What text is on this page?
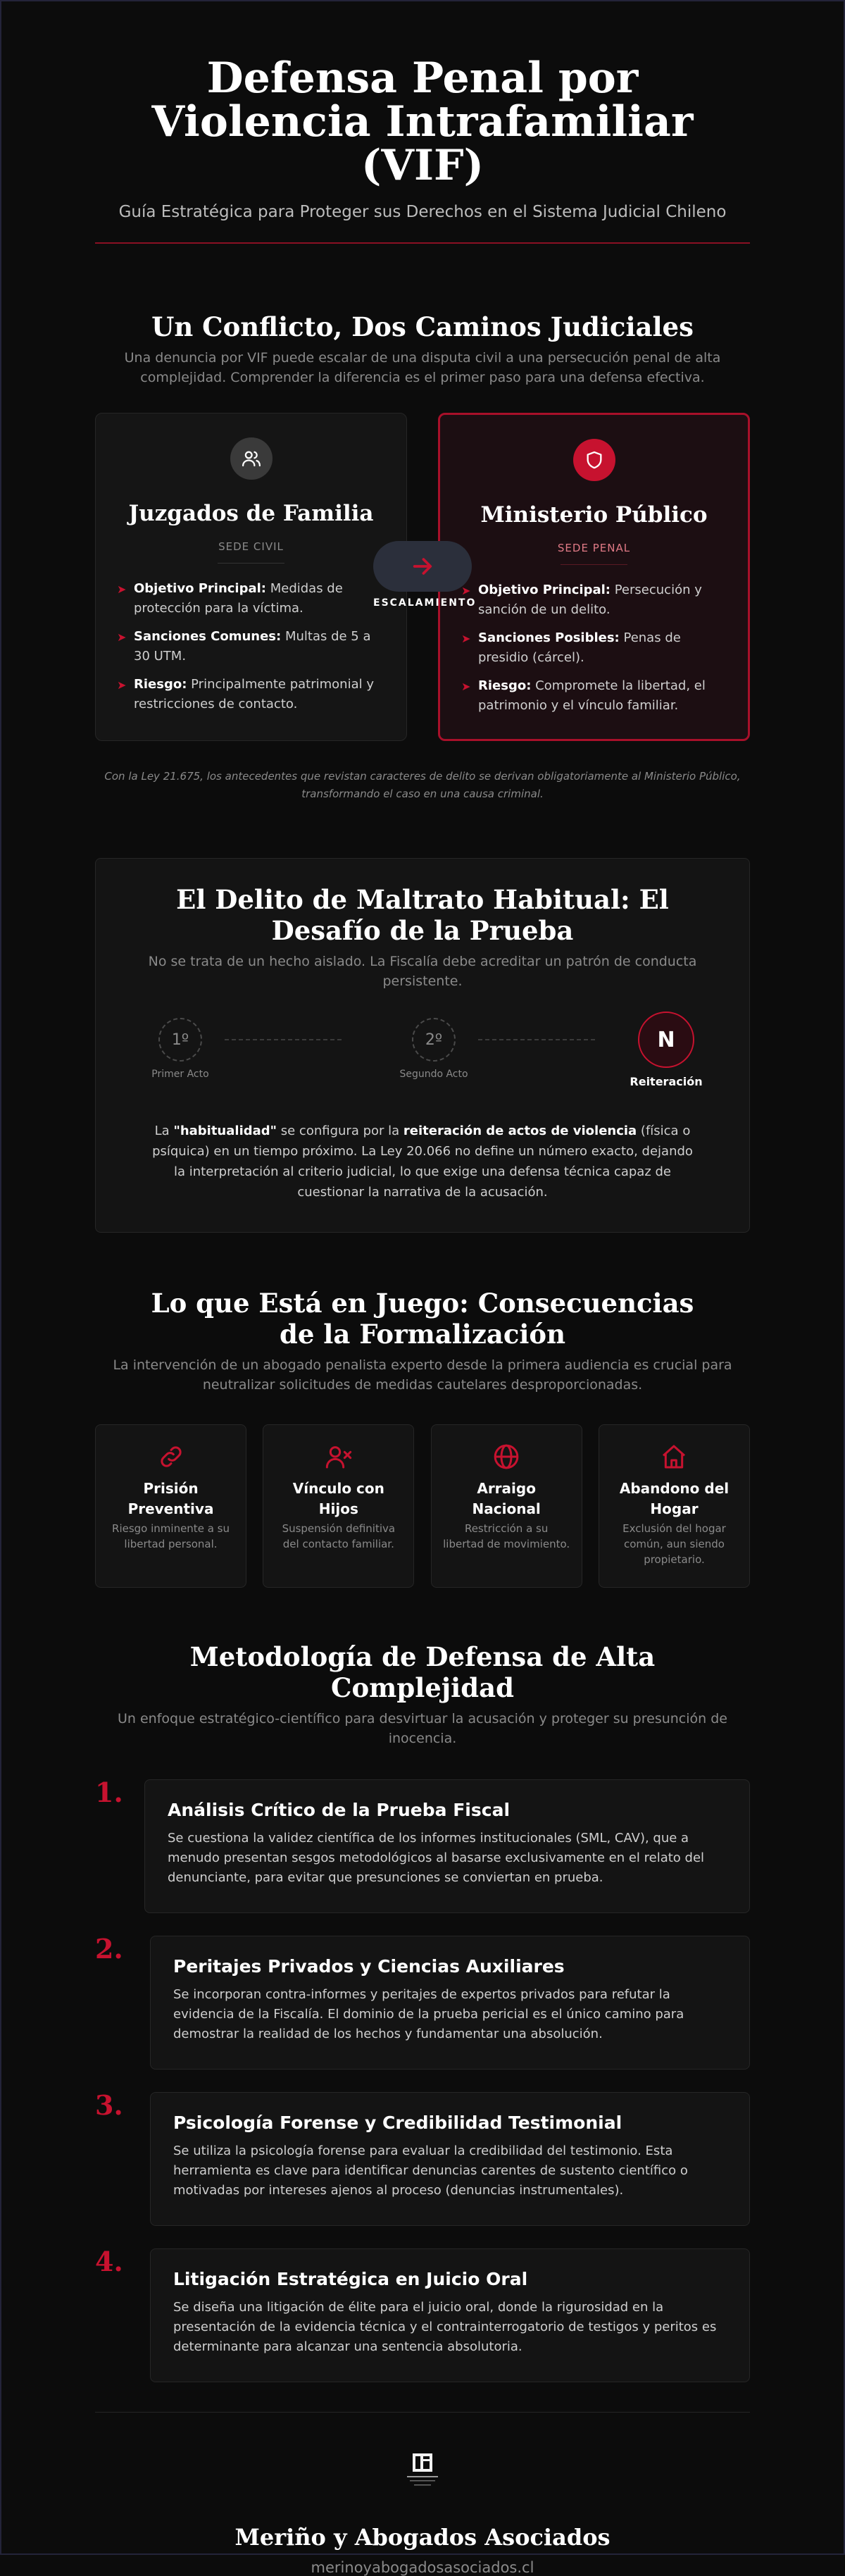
Defensa Penal por Violencia Intrafamiliar (VIF)

Guía Estratégica para Proteger sus Derechos en el Sistema Judicial Chileno

Un Conflicto, Dos Caminos Judiciales

Una denuncia por VIF puede escalar de una disputa civil a una persecución penal de alta complejidad. Comprender la diferencia es el primer paso para una defensa efectiva.

Juzgados de Familia
SEDE CIVIL
➤ Objetivo Principal: Medidas de protección para la víctima.
➤ Sanciones Comunes: Multas de 5 a 30 UTM.
➤ Riesgo: Principalmente patrimonial y restricciones de contacto.
ESCALAMIENTO
Ministerio Público
SEDE PENAL
➤ Objetivo Principal: Persecución y sanción de un delito.
➤ Sanciones Posibles: Penas de presidio (cárcel).
➤ Riesgo: Compromete la libertad, el patrimonio y el vínculo familiar.

Con la Ley 21.675, los antecedentes que revistan caracteres de delito se derivan obligatoriamente al Ministerio Público, transformando el caso en una causa criminal.

El Delito de Maltrato Habitual: El Desafío de la Prueba

No se trata de un hecho aislado. La Fiscalía debe acreditar un patrón de conducta persistente.

1º
Primer Acto
2º
Segundo Acto
N
Reiteración

La "habitualidad" se configura por la reiteración de actos de violencia (física o psíquica) en un tiempo próximo. La Ley 20.066 no define un número exacto, dejando la interpretación al criterio judicial, lo que exige una defensa técnica capaz de cuestionar la narrativa de la acusación.

Lo que Está en Juego: Consecuencias de la Formalización

La intervención de un abogado penalista experto desde la primera audiencia es crucial para neutralizar solicitudes de medidas cautelares desproporcionadas.

Prisión Preventiva
Riesgo inminente a su libertad personal.
Vínculo con Hijos
Suspensión definitiva del contacto familiar.
Arraigo Nacional
Restricción a su libertad de movimiento.
Abandono del Hogar
Exclusión del hogar común, aun siendo propietario.
Metodología de Defensa de Alta Complejidad

Un enfoque estratégico-científico para desvirtuar la acusación y proteger su presunción de inocencia.

1.
Análisis Crítico de la Prueba Fiscal
Se cuestiona la validez científica de los informes institucionales (SML, CAV), que a menudo presentan sesgos metodológicos al basarse exclusivamente en el relato del denunciante, para evitar que presunciones se conviertan en prueba.
2.
Peritajes Privados y Ciencias Auxiliares
Se incorporan contra-informes y peritajes de expertos privados para refutar la evidencia de la Fiscalía. El dominio de la prueba pericial es el único camino para demostrar la realidad de los hechos y fundamentar una absolución.
3.
Psicología Forense y Credibilidad Testimonial
Se utiliza la psicología forense para evaluar la credibilidad del testimonio. Esta herramienta es clave para identificar denuncias carentes de sustento científico o motivadas por intereses ajenos al proceso (denuncias instrumentales).
4.
Litigación Estratégica en Juicio Oral
Se diseña una litigación de élite para el juicio oral, donde la rigurosidad en la presentación de la evidencia técnica y el contrainterrogatorio de testigos y peritos es determinante para alcanzar una sentencia absolutoria.
Meriño y Abogados Asociados
merinoyabogadosasociados.cl
